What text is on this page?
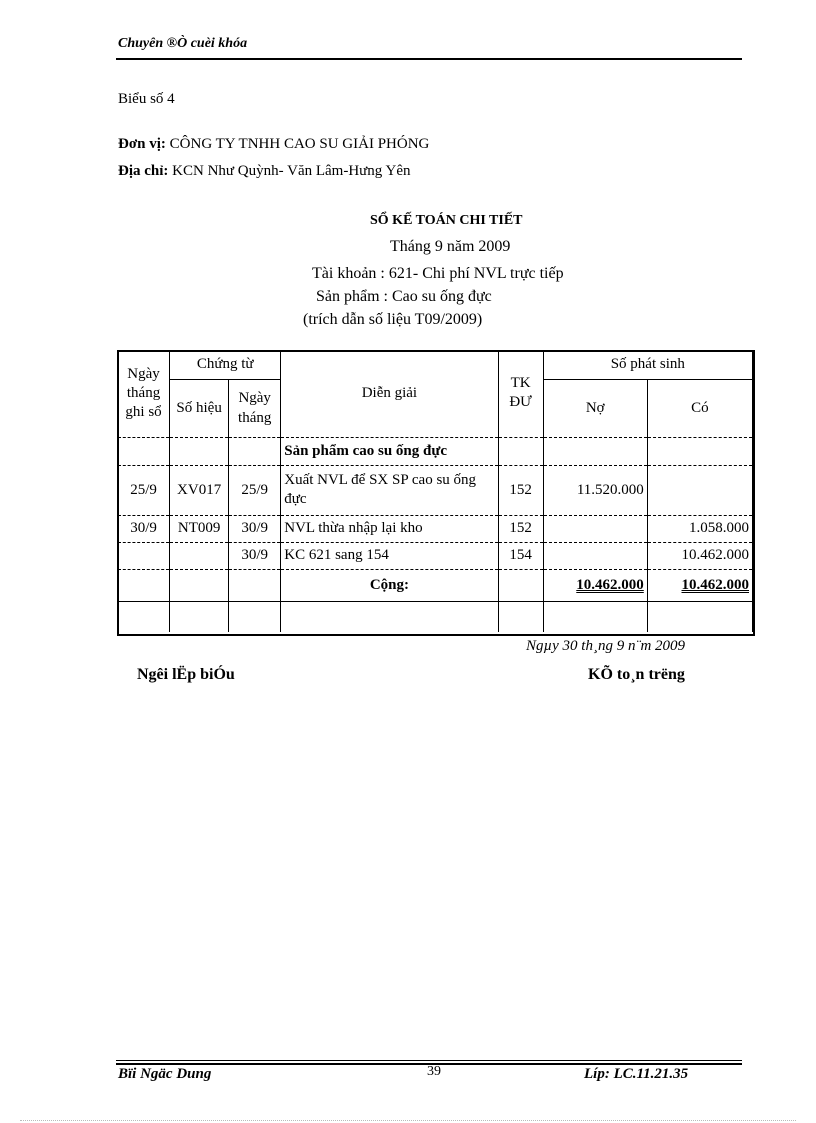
Chuyên ®Ò cuèi khóa
Biểu số 4
Đơn vị: CÔNG TY TNHH CAO SU GIẢI PHÓNG
Địa chỉ: KCN Như Quỳnh- Văn Lâm-Hưng Yên
SỔ KẾ TOÁN CHI TIẾT
Tháng 9 năm 2009
Tài khoản : 621- Chi phí NVL trực tiếp
Sản phẩm : Cao su ống đực
(trích dẫn số liệu T09/2009)
Ngày tháng ghi sổ	Chứng từ		Diễn giải	TK ĐƯ	Số phát sinh	
	Số hiệu	Ngày tháng			Nợ	Có
			Sản phẩm cao su ống đực			
25/9	XV017	25/9	Xuất NVL để SX SP cao su ống đực	152	11.520.000	
30/9	NT009	30/9	NVL thừa nhập lại kho	152		1.058.000
		30/9	KC 621 sang 154	154		10.462.000
			Cộng:		10.462.000	10.462.000

Ngµy 30 th¸ng 9 n¨m 2009
Ngêi lËp biÓu	KÕ to¸n trëng
Bïi Ngäc Dung	39	Líp: LC.11.21.35
